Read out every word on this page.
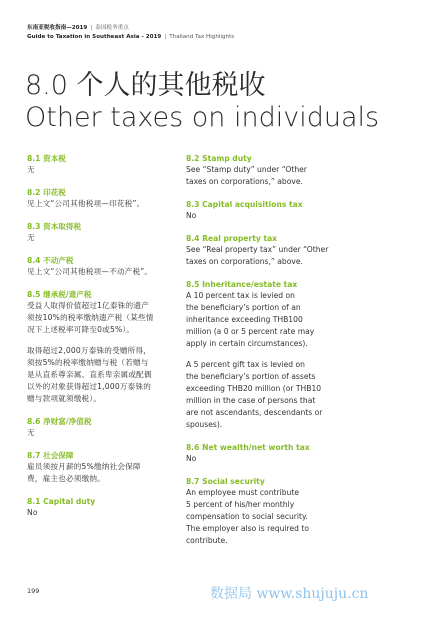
东南亚税收指南—2019 | 泰国税务重点
Guide to Taxation in Southeast Asia - 2019 | Thailand Tax Highlights
8.0 个人的其他税收
Other taxes on individuals
8.1 资本税
无
8.2 印花税
见上文“公司其他税项—印花税”。
8.3 资本取得税
无
8.4 不动产税
见上文“公司其他税项—不动产税”。
8.5 继承税/遗产税
受益人取得价值超过1亿泰铢的遗产
须按10%的税率缴纳遗产税（某些情
况下上述税率可降至0或5%）。
取得超过2,000万泰铢的受赠所得，
须按5%的税率缴纳赠与税（若赠与
是从直系尊亲属、直系卑亲属或配偶
以外的对象获得超过1,000万泰铢的
赠与款项就须缴税）。
8.6 净财富/净值税
无
8.7 社会保障
雇员须按月薪的5%缴纳社会保障
费，雇主也必须缴纳。
8.1 Capital duty
No
8.2 Stamp duty
See “Stamp duty” under “Other
taxes on corporations,” above.
8.3 Capital acquisitions tax
No
8.4 Real property tax
See “Real property tax” under “Other
taxes on corporations,” above.
8.5 Inheritance/estate tax
A 10 percent tax is levied on
the beneficiary’s portion of an
inheritance exceeding THB100
million (a 0 or 5 percent rate may
apply in certain circumstances).
A 5 percent gift tax is levied on
the beneficiary’s portion of assets
exceeding THB20 million (or THB10
million in the case of persons that
are not ascendants, descendants or
spouses).
8.6 Net wealth/net worth tax
No
8.7 Social security
An employee must contribute
5 percent of his/her monthly
compensation to social security.
The employer also is required to
contribute.
199	数据局 www.shujuju.cn
